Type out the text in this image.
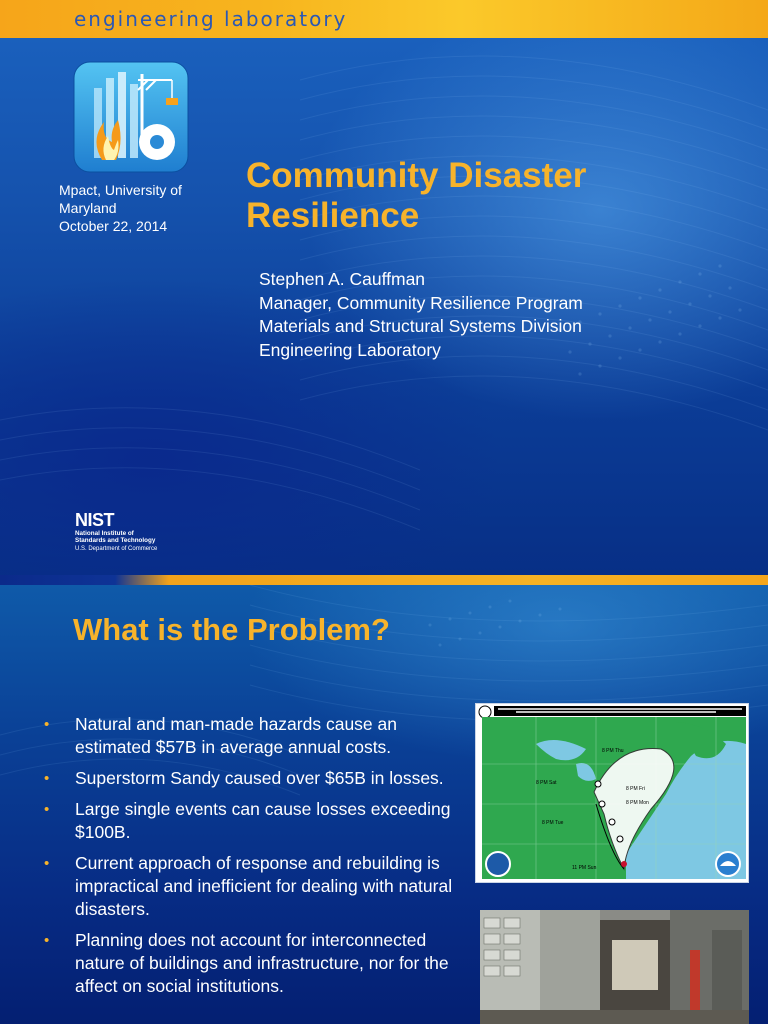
engineering laboratory
Mpact, University of
Maryland
October 22, 2014
Community Disaster
Resilience
Stephen A. Cauffman
Manager, Community Resilience Program
Materials and Structural Systems Division
Engineering Laboratory
NIST
National Institute of
Standards and Technology
U.S. Department of Commerce
What is the Problem?
• Natural and man-made hazards cause an estimated $57B in average annual costs.
• Superstorm Sandy caused over $65B in losses.
• Large single events can cause losses exceeding $100B.
• Current approach of response and rebuilding is impractical and inefficient for dealing with natural disasters.
• Planning does not account for interconnected nature of buildings and infrastructure, nor for the affect on social institutions.
8 PM Thu
8 PM Sat
8 PM Fri
8 PM Mon
8 PM Tue
11 PM Sun
